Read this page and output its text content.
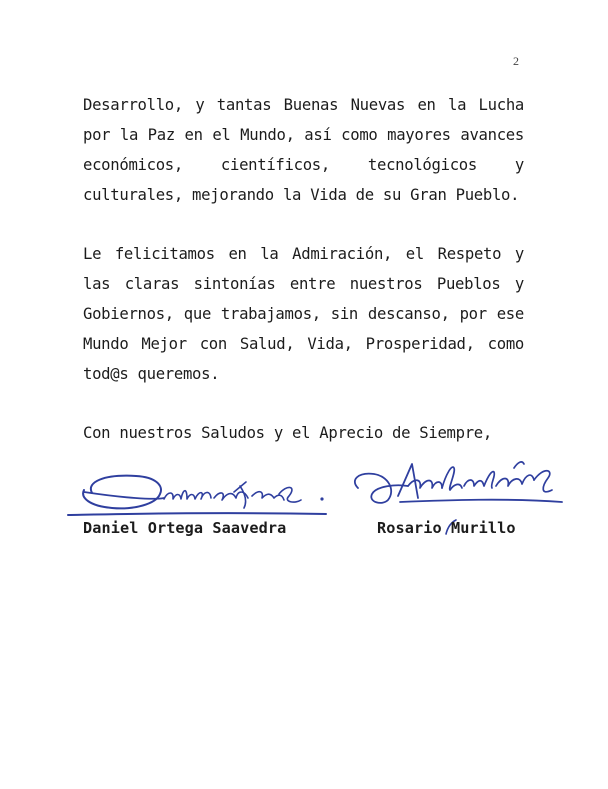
2

Desarrollo, y tantas Buenas Nuevas en la Lucha por la Paz en el Mundo, así como mayores avances económicos, científicos, tecnológicos y culturales, mejorando la Vida de su Gran Pueblo.

Le felicitamos en la Admiración, el Respeto y las claras sintonías entre nuestros Pueblos y Gobiernos, que trabajamos, sin descanso, por ese Mundo Mejor con Salud, Vida, Prosperidad, como tod@s queremos.

Con nuestros Saludos y el Aprecio de Siempre,

Daniel Ortega Saavedra	Rosario Murillo
